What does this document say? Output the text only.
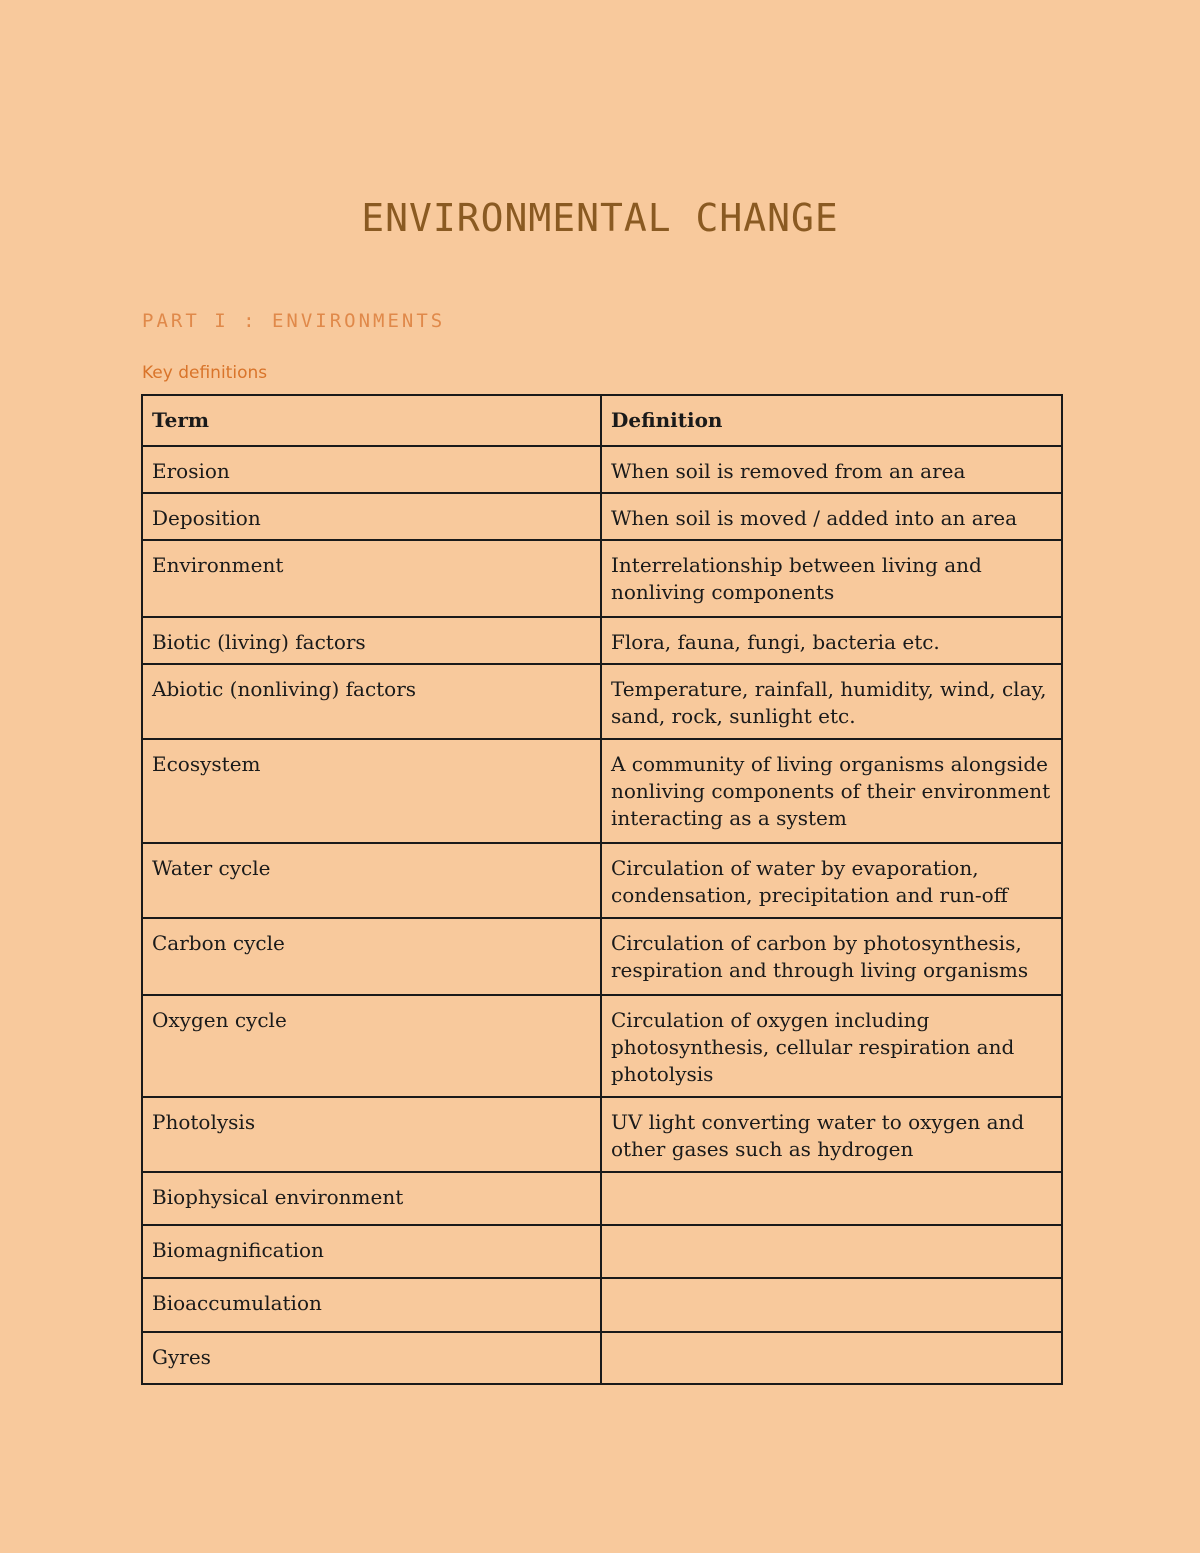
ENVIRONMENTAL CHANGE
PART I : ENVIRONMENTS
Key definitions
Term	Definition
Erosion	When soil is removed from an area
Deposition	When soil is moved / added into an area
Environment	Interrelationship between living and nonliving components
Biotic (living) factors	Flora, fauna, fungi, bacteria etc.
Abiotic (nonliving) factors	Temperature, rainfall, humidity, wind, clay, sand, rock, sunlight etc.
Ecosystem	A community of living organisms alongside nonliving components of their environment interacting as a system
Water cycle	Circulation of water by evaporation, condensation, precipitation and run-off
Carbon cycle	Circulation of carbon by photosynthesis, respiration and through living organisms
Oxygen cycle	Circulation of oxygen including photosynthesis, cellular respiration and photolysis
Photolysis	UV light converting water to oxygen and other gases such as hydrogen
Biophysical environment	
Biomagnification	
Bioaccumulation	
Gyres	
